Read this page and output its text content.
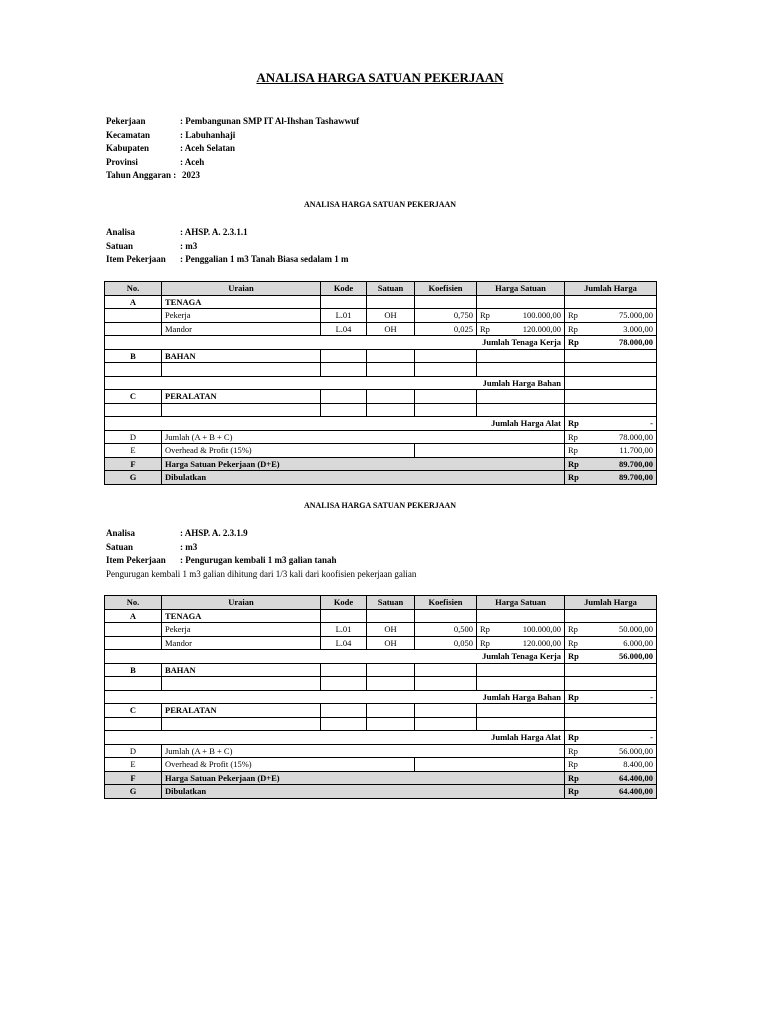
ANALISA HARGA SATUAN PEKERJAAN
Pekerjaan	: Pembangunan SMP IT Al-Ihshan Tashawwuf
Kecamatan	: Labuhanhaji
Kabupaten	: Aceh Selatan
Provinsi	: Aceh
Tahun Anggaran : 2023
ANALISA HARGA SATUAN PEKERJAAN
Analisa	: AHSP. A. 2.3.1.1
Satuan	: m3
Item Pekerjaan : Penggalian 1 m3 Tanah Biasa sedalam 1 m
No.	Uraian	Kode	Satuan	Koefisien	Harga Satuan	Jumlah Harga
A	TENAGA					
	Pekerja	L.01	OH	0,750	Rp 100.000,00	Rp 75.000,00

	Mandor	L.04	OH	0,025	Rp 120.000,00	Rp 3.000,00

Jumlah Tenaga Kerja						Rp 78.000,00

B	BAHAN					

Jumlah Harga Bahan						

C	PERALATAN					

Jumlah Harga Alat						Rp -

D	Jumlah (A + B + C)					Rp 78.000,00

E	Overhead & Profit (15%)					Rp 11.700,00

F	Harga Satuan Pekerjaan (D+E)					Rp 89.700,00

G	Dibulatkan					Rp 89.700,00
ANALISA HARGA SATUAN PEKERJAAN
Analisa	: AHSP. A. 2.3.1.9
Satuan	: m3
Item Pekerjaan : Pengurugan kembali 1 m3 galian tanah
Pengurugan kembali 1 m3 galian dihitung dari 1/3 kali dari koofisien pekerjaan galian
No.	Uraian	Kode	Satuan	Koefisien	Harga Satuan	Jumlah Harga
A	TENAGA					
	Pekerja	L.01	OH	0,500	Rp 100.000,00	Rp 50.000,00

	Mandor	L.04	OH	0,050	Rp 120.000,00	Rp 6.000,00

Jumlah Tenaga Kerja						Rp 56.000,00

B	BAHAN					

Jumlah Harga Bahan						Rp -

C	PERALATAN					

Jumlah Harga Alat						Rp -

D	Jumlah (A + B + C)					Rp 56.000,00

E	Overhead & Profit (15%)					Rp 8.400,00

F	Harga Satuan Pekerjaan (D+E)					Rp 64.400,00

G	Dibulatkan					Rp 64.400,00
